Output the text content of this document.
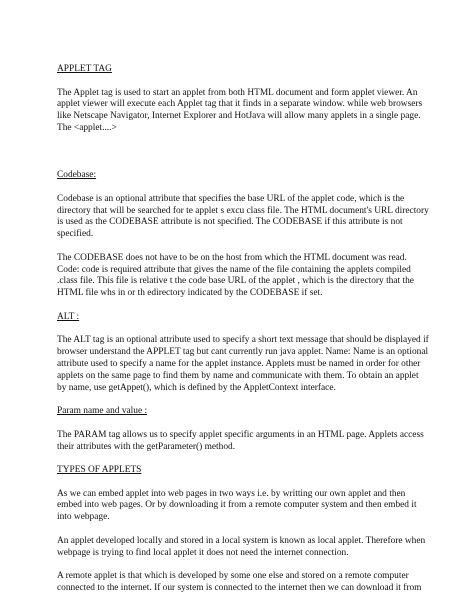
APPLET TAG

The Applet tag is used to start an applet from both HTML document and form applet viewer. An applet viewer will execute each Applet tag that it finds in a separate window. while web browsers like Netscape Navigator, Internet Explorer and HotJava will allow many applets in a single page. The <applet....>

Codebase:

Codebase is an optional attribute that specifies the base URL of the applet code, which is the directory that will be searched for te applet s excu class file. The HTML document's URL directory is used as the CODEBASE attribute is not specified. The CODEBASE if this attribute is not specified.

The CODEBASE does not have to be on the host from which the HTML document was read. Code: code is required attribute that gives the name of the file containing the applets compiled .class file. This file is relative t the code base URL of the applet , which is the directory that the HTML file whs in or th edirectory indicated by the CODEBASE if set.

ALT :

The ALT tag is an optional attribute used to specify a short text message that should be displayed if browser understand the APPLET tag but cant currently run java applet. Name: Name is an optional attribute used to specify a name for the applet instance. Applets must be named in order for other applets on the same page to find them by name and communicate with them. To obtain an applet by name, use getAppet(), which is defined by the AppletContext interface.

Param name and value :

The PARAM tag allows us to specify applet specific arguments in an HTML page. Applets access their attributes with the getParameter() method.

TYPES OF APPLETS

As we can embed applet into web pages in two ways i.e. by writting our own applet and then embed into web pages. Or by downloading it from a remote computer system and then embed it into webpage.

An applet developed locally and stored in a local system is known as local applet. Therefore when webpage is trying to find local applet it does not need the internet connection.

A remote applet is that which is developed by some one else and stored on a remote computer connected to the internet. If our system is connected to the internet then we can download it from
